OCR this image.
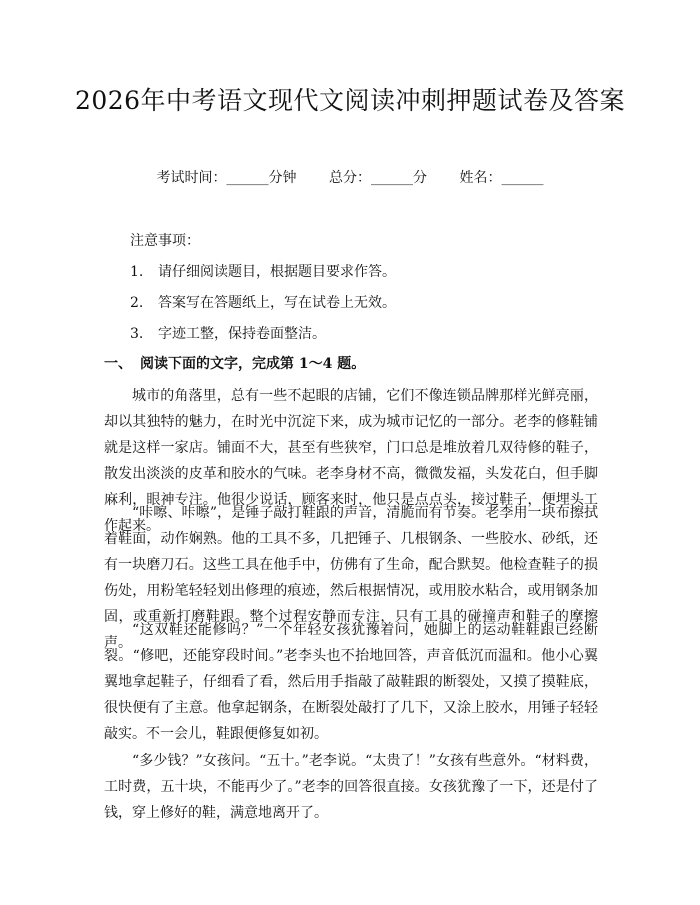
2026年中考语文现代文阅读冲刺押题试卷及答案
考试时间：______分钟 总分：______分 姓名：______
注意事项：
1. 请仔细阅读题目，根据题目要求作答。
2. 答案写在答题纸上，写在试卷上无效。
3. 字迹工整，保持卷面整洁。
一、 阅读下面的文字，完成第 1～4 题。

城市的角落里，总有一些不起眼的店铺，它们不像连锁品牌那样光鲜亮丽，却以其独特的魅力，在时光中沉淀下来，成为城市记忆的一部分。老李的修鞋铺就是这样一家店。铺面不大，甚至有些狭窄，门口总是堆放着几双待修的鞋子，散发出淡淡的皮革和胶水的气味。老李身材不高，微微发福，头发花白，但手脚麻利，眼神专注。他很少说话，顾客来时，他只是点点头，接过鞋子，便埋头工作起来。

“咔嚓、咔嚓”，是锤子敲打鞋跟的声音，清脆而有节奏。老李用一块布擦拭着鞋面，动作娴熟。他的工具不多，几把锤子、几根钢条、一些胶水、砂纸，还有一块磨刀石。这些工具在他手中，仿佛有了生命，配合默契。他检查鞋子的损伤处，用粉笔轻轻划出修理的痕迹，然后根据情况，或用胶水粘合，或用钢条加固，或重新打磨鞋跟。整个过程安静而专注，只有工具的碰撞声和鞋子的摩擦声。

“这双鞋还能修吗？”一个年轻女孩犹豫着问，她脚上的运动鞋鞋跟已经断裂。“修吧，还能穿段时间。”老李头也不抬地回答，声音低沉而温和。他小心翼翼地拿起鞋子，仔细看了看，然后用手指敲了敲鞋跟的断裂处，又摸了摸鞋底，很快便有了主意。他拿起钢条，在断裂处敲打了几下，又涂上胶水，用锤子轻轻敲实。不一会儿，鞋跟便修复如初。

“多少钱？”女孩问。“五十。”老李说。“太贵了！”女孩有些意外。“材料费，工时费，五十块，不能再少了。”老李的回答很直接。女孩犹豫了一下，还是付了钱，穿上修好的鞋，满意地离开了。
